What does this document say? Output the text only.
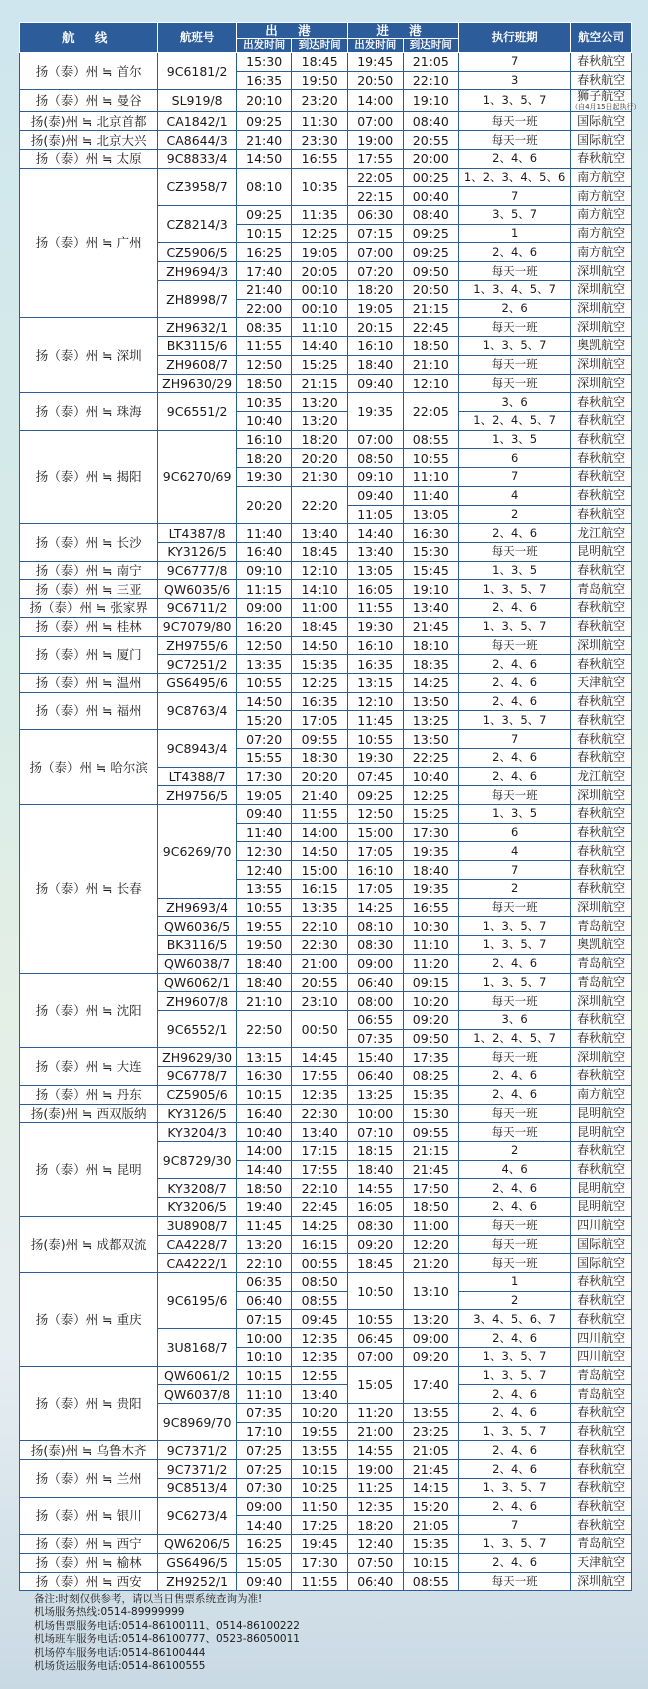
航 线	航班号	出 港		进 港		执行班期	航空公司
		出发时间	到达时间	出发时间	到达时间		
扬（泰）州 ≒ 首尔	9C6181/2	15:30	18:45	19:45	21:05	7	春秋航空
		16:35	19:50	20:50	22:10	3	春秋航空
扬（泰）州 ≒ 曼谷	SL919/8	20:10	23:20	14:00	19:10	1、3、5、7	狮子航空
（自4月15日起执行）

扬(泰)州 ≒ 北京首都	CA1842/1	09:25	11:30	07:00	08:40	每天一班	国际航空
扬(泰)州 ≒ 北京大兴	CA8644/3	21:40	23:30	19:00	20:55	每天一班	国际航空
扬（泰）州 ≒ 太原	9C8833/4	14:50	16:55	17:55	20:00	2、4、6	春秋航空
扬（泰）州 ≒ 广州	CZ3958/7	08:10	10:35	22:05	00:25	1、2、3、4、5、6	南方航空
				22:15	00:40	7	南方航空
	CZ8214/3	09:25	11:35	06:30	08:40	3、5、7	南方航空
		10:15	12:25	07:15	09:25	1	南方航空
	CZ5906/5	16:25	19:05	07:00	09:25	2、4、6	南方航空
	ZH9694/3	17:40	20:05	07:20	09:50	每天一班	深圳航空
	ZH8998/7	21:40	00:10	18:20	20:50	1、3、4、5、7	深圳航空
		22:00	00:10	19:05	21:15	2、6	深圳航空
扬（泰）州 ≒ 深圳	ZH9632/1	08:35	11:10	20:15	22:45	每天一班	深圳航空
	BK3115/6	11:55	14:40	16:10	18:50	1、3、5、7	奥凯航空
	ZH9608/7	12:50	15:25	18:40	21:10	每天一班	深圳航空
	ZH9630/29	18:50	21:15	09:40	12:10	每天一班	深圳航空
扬（泰）州 ≒ 珠海	9C6551/2	10:35	13:20	19:35	22:05	3、6	春秋航空
		10:40	13:20			1、2、4、5、7	春秋航空
扬（泰）州 ≒ 揭阳	9C6270/69	16:10	18:20	07:00	08:55	1、3、5	春秋航空
		18:20	20:20	08:50	10:55	6	春秋航空
		19:30	21:30	09:10	11:10	7	春秋航空
		20:20	22:20	09:40	11:40	4	春秋航空
				11:05	13:05	2	春秋航空
扬（泰）州 ≒ 长沙	LT4387/8	11:40	13:40	14:40	16:30	2、4、6	龙江航空
	KY3126/5	16:40	18:45	13:40	15:30	每天一班	昆明航空
扬（泰）州 ≒ 南宁	9C6777/8	09:10	12:10	13:05	15:45	1、3、5	春秋航空
扬（泰）州 ≒ 三亚	QW6035/6	11:15	14:10	16:05	19:10	1、3、5、7	青岛航空
扬（泰）州 ≒ 张家界	9C6711/2	09:00	11:00	11:55	13:40	2、4、6	春秋航空
扬（泰）州 ≒ 桂林	9C7079/80	16:20	18:45	19:30	21:45	1、3、5、7	春秋航空
扬（泰）州 ≒ 厦门	ZH9755/6	12:50	14:50	16:10	18:10	每天一班	深圳航空
	9C7251/2	13:35	15:35	16:35	18:35	2、4、6	春秋航空
扬（泰）州 ≒ 温州	GS6495/6	10:55	12:25	13:15	14:25	2、4、6	天津航空
扬（泰）州 ≒ 福州	9C8763/4	14:50	16:35	12:10	13:50	2、4、6	春秋航空
		15:20	17:05	11:45	13:25	1、3、5、7	春秋航空
扬（泰）州 ≒ 哈尔滨	9C8943/4	07:20	09:55	10:55	13:50	7	春秋航空
		15:55	18:30	19:30	22:25	2、4、6	春秋航空
	LT4388/7	17:30	20:20	07:45	10:40	2、4、6	龙江航空
	ZH9756/5	19:05	21:40	09:25	12:25	每天一班	深圳航空
扬（泰）州 ≒ 长春	9C6269/70	09:40	11:55	12:50	15:25	1、3、5	春秋航空
		11:40	14:00	15:00	17:30	6	春秋航空
		12:30	14:50	17:05	19:35	4	春秋航空
		12:40	15:00	16:10	18:40	7	春秋航空
		13:55	16:15	17:05	19:35	2	春秋航空
	ZH9693/4	10:55	13:35	14:25	16:55	每天一班	深圳航空
	QW6036/5	19:55	22:10	08:10	10:30	1、3、5、7	青岛航空
	BK3116/5	19:50	22:30	08:30	11:10	1、3、5、7	奥凯航空
	QW6038/7	18:40	21:00	09:00	11:20	2、4、6	青岛航空
扬（泰）州 ≒ 沈阳	QW6062/1	18:40	20:55	06:40	09:15	1、3、5、7	青岛航空
	ZH9607/8	21:10	23:10	08:00	10:20	每天一班	深圳航空
	9C6552/1	22:50	00:50	06:55	09:20	3、6	春秋航空
				07:35	09:50	1、2、4、5、7	春秋航空
扬（泰）州 ≒ 大连	ZH9629/30	13:15	14:45	15:40	17:35	每天一班	深圳航空
	9C6778/7	16:30	17:55	06:40	08:25	2、4、6	春秋航空
扬（泰）州 ≒ 丹东	CZ5905/6	10:15	12:35	13:25	15:35	2、4、6	南方航空
扬(泰)州 ≒ 西双版纳	KY3126/5	16:40	22:30	10:00	15:30	每天一班	昆明航空
扬（泰）州 ≒ 昆明	KY3204/3	10:40	13:40	07:10	09:55	每天一班	昆明航空
	9C8729/30	14:00	17:15	18:15	21:15	2	春秋航空
		14:40	17:55	18:40	21:45	4、6	春秋航空
	KY3208/7	18:50	22:10	14:55	17:50	2、4、6	昆明航空
	KY3206/5	19:40	22:45	16:05	18:50	2、4、6	昆明航空
扬(泰)州 ≒ 成都双流	3U8908/7	11:45	14:25	08:30	11:00	每天一班	四川航空
	CA4228/7	13:20	16:15	09:20	12:20	每天一班	国际航空
	CA4222/1	22:10	00:55	18:45	21:20	每天一班	国际航空
扬（泰）州 ≒ 重庆	9C6195/6	06:35	08:50	10:50	13:10	1	春秋航空
		06:40	08:55			2	春秋航空
		07:15	09:45	10:55	13:20	3、4、5、6、7	春秋航空
	3U8168/7	10:00	12:35	06:45	09:00	2、4、6	四川航空
		10:10	12:35	07:00	09:20	1、3、5、7	四川航空
扬（泰）州 ≒ 贵阳	QW6061/2	10:15	12:55	15:05	17:40	1、3、5、7	青岛航空
	QW6037/8	11:10	13:40			2、4、6	青岛航空
	9C8969/70	07:35	10:20	11:20	13:55	2、4、6	春秋航空
		17:10	19:55	21:00	23:25	1、3、5、7	春秋航空
扬(泰)州 ≒ 乌鲁木齐	9C7371/2	07:25	13:55	14:55	21:05	2、4、6	春秋航空
扬（泰）州 ≒ 兰州	9C7371/2	07:25	10:15	19:00	21:45	2、4、6	春秋航空
	9C8513/4	07:30	10:25	11:25	14:15	1、3、5、7	春秋航空
扬（泰）州 ≒ 银川	9C6273/4	09:00	11:50	12:35	15:20	2、4、6	春秋航空
		14:40	17:25	18:20	21:05	7	春秋航空
扬（泰）州 ≒ 西宁	QW6206/5	16:25	19:45	12:40	15:35	1、3、5、7	青岛航空
扬（泰）州 ≒ 榆林	GS6496/5	15:05	17:30	07:50	10:15	2、4、6	天津航空
扬（泰）州 ≒ 西安	ZH9252/1	09:40	11:55	06:40	08:55	每天一班	深圳航空
备注:时刻仅供参考，请以当日售票系统查询为准!
机场服务热线:0514-89999999
机场售票服务电话:0514-86100111、0514-86100222
机场班车服务电话:0514-86100777、0523-86050011
机场停车服务电话:0514-86100444
机场货运服务电话:0514-86100555
